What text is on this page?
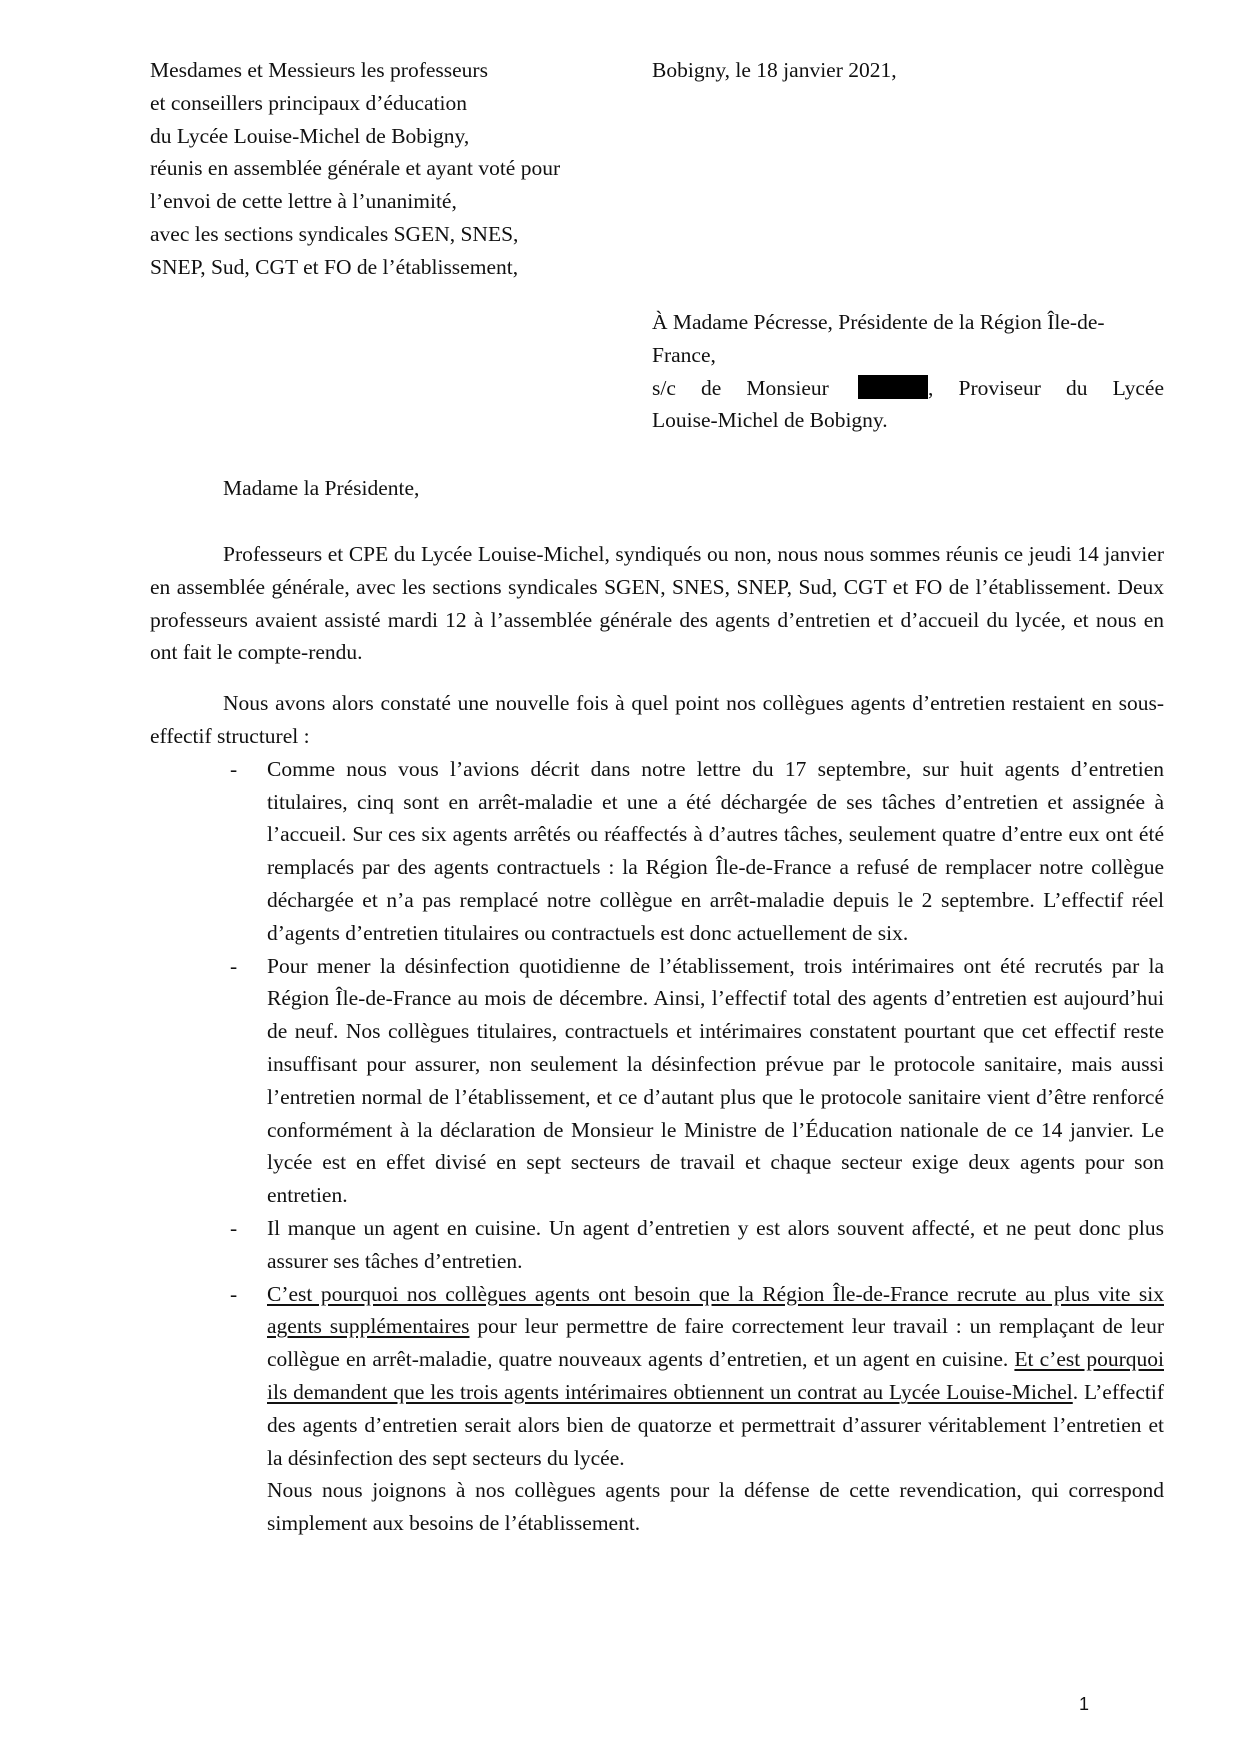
Mesdames et Messieurs les professeurs
et conseillers principaux d’éducation
du Lycée Louise-Michel de Bobigny,
réunis en assemblée générale et ayant voté pour
l’envoi de cette lettre à l’unanimité,
avec les sections syndicales SGEN, SNES,
SNEP, Sud, CGT et FO de l’établissement,
Bobigny, le 18 janvier 2021,
À Madame Pécresse, Présidente de la Région Île-de-
France,
s/c de Monsieur	, Proviseur du Lycée
Louise-Michel de Bobigny.
Madame la Présidente,

Professeurs et CPE du Lycée Louise-Michel, syndiqués ou non, nous nous sommes réunis ce jeudi 14 janvier en assemblée générale, avec les sections syndicales SGEN, SNES, SNEP, Sud, CGT et FO de l’établissement. Deux professeurs avaient assisté mardi 12 à l’assemblée générale des agents d’entretien et d’accueil du lycée, et nous en ont fait le compte-rendu.

Nous avons alors constaté une nouvelle fois à quel point nos collègues agents d’entretien restaient en sous-effectif structurel :

- Comme nous vous l’avions décrit dans notre lettre du 17 septembre, sur huit agents d’entretien titulaires, cinq sont en arrêt-maladie et une a été déchargée de ses tâches d’entretien et assignée à l’accueil. Sur ces six agents arrêtés ou réaffectés à d’autres tâches, seulement quatre d’entre eux ont été remplacés par des agents contractuels : la Région Île-de-France a refusé de remplacer notre collègue déchargée et n’a pas remplacé notre collègue en arrêt-maladie depuis le 2 septembre. L’effectif réel d’agents d’entretien titulaires ou contractuels est donc actuellement de six.
- Pour mener la désinfection quotidienne de l’établissement, trois intérimaires ont été recrutés par la Région Île-de-France au mois de décembre. Ainsi, l’effectif total des agents d’entretien est aujourd’hui de neuf. Nos collègues titulaires, contractuels et intérimaires constatent pourtant que cet effectif reste insuffisant pour assurer, non seulement la désinfection prévue par le protocole sanitaire, mais aussi l’entretien normal de l’établissement, et ce d’autant plus que le protocole sanitaire vient d’être renforcé conformément à la déclaration de Monsieur le Ministre de l’Éducation nationale de ce 14 janvier. Le lycée est en effet divisé en sept secteurs de travail et chaque secteur exige deux agents pour son entretien.
- Il manque un agent en cuisine. Un agent d’entretien y est alors souvent affecté, et ne peut donc plus assurer ses tâches d’entretien.
- C’est pourquoi nos collègues agents ont besoin que la Région Île-de-France recrute au plus vite six agents supplémentaires pour leur permettre de faire correctement leur travail : un remplaçant de leur collègue en arrêt-maladie, quatre nouveaux agents d’entretien, et un agent en cuisine. Et c’est pourquoi ils demandent que les trois agents intérimaires obtiennent un contrat au Lycée Louise-Michel. L’effectif des agents d’entretien serait alors bien de quatorze et permettrait d’assurer véritablement l’entretien et la désinfection des sept secteurs du lycée.
Nous nous joignons à nos collègues agents pour la défense de cette revendication, qui correspond simplement aux besoins de l’établissement.
1
